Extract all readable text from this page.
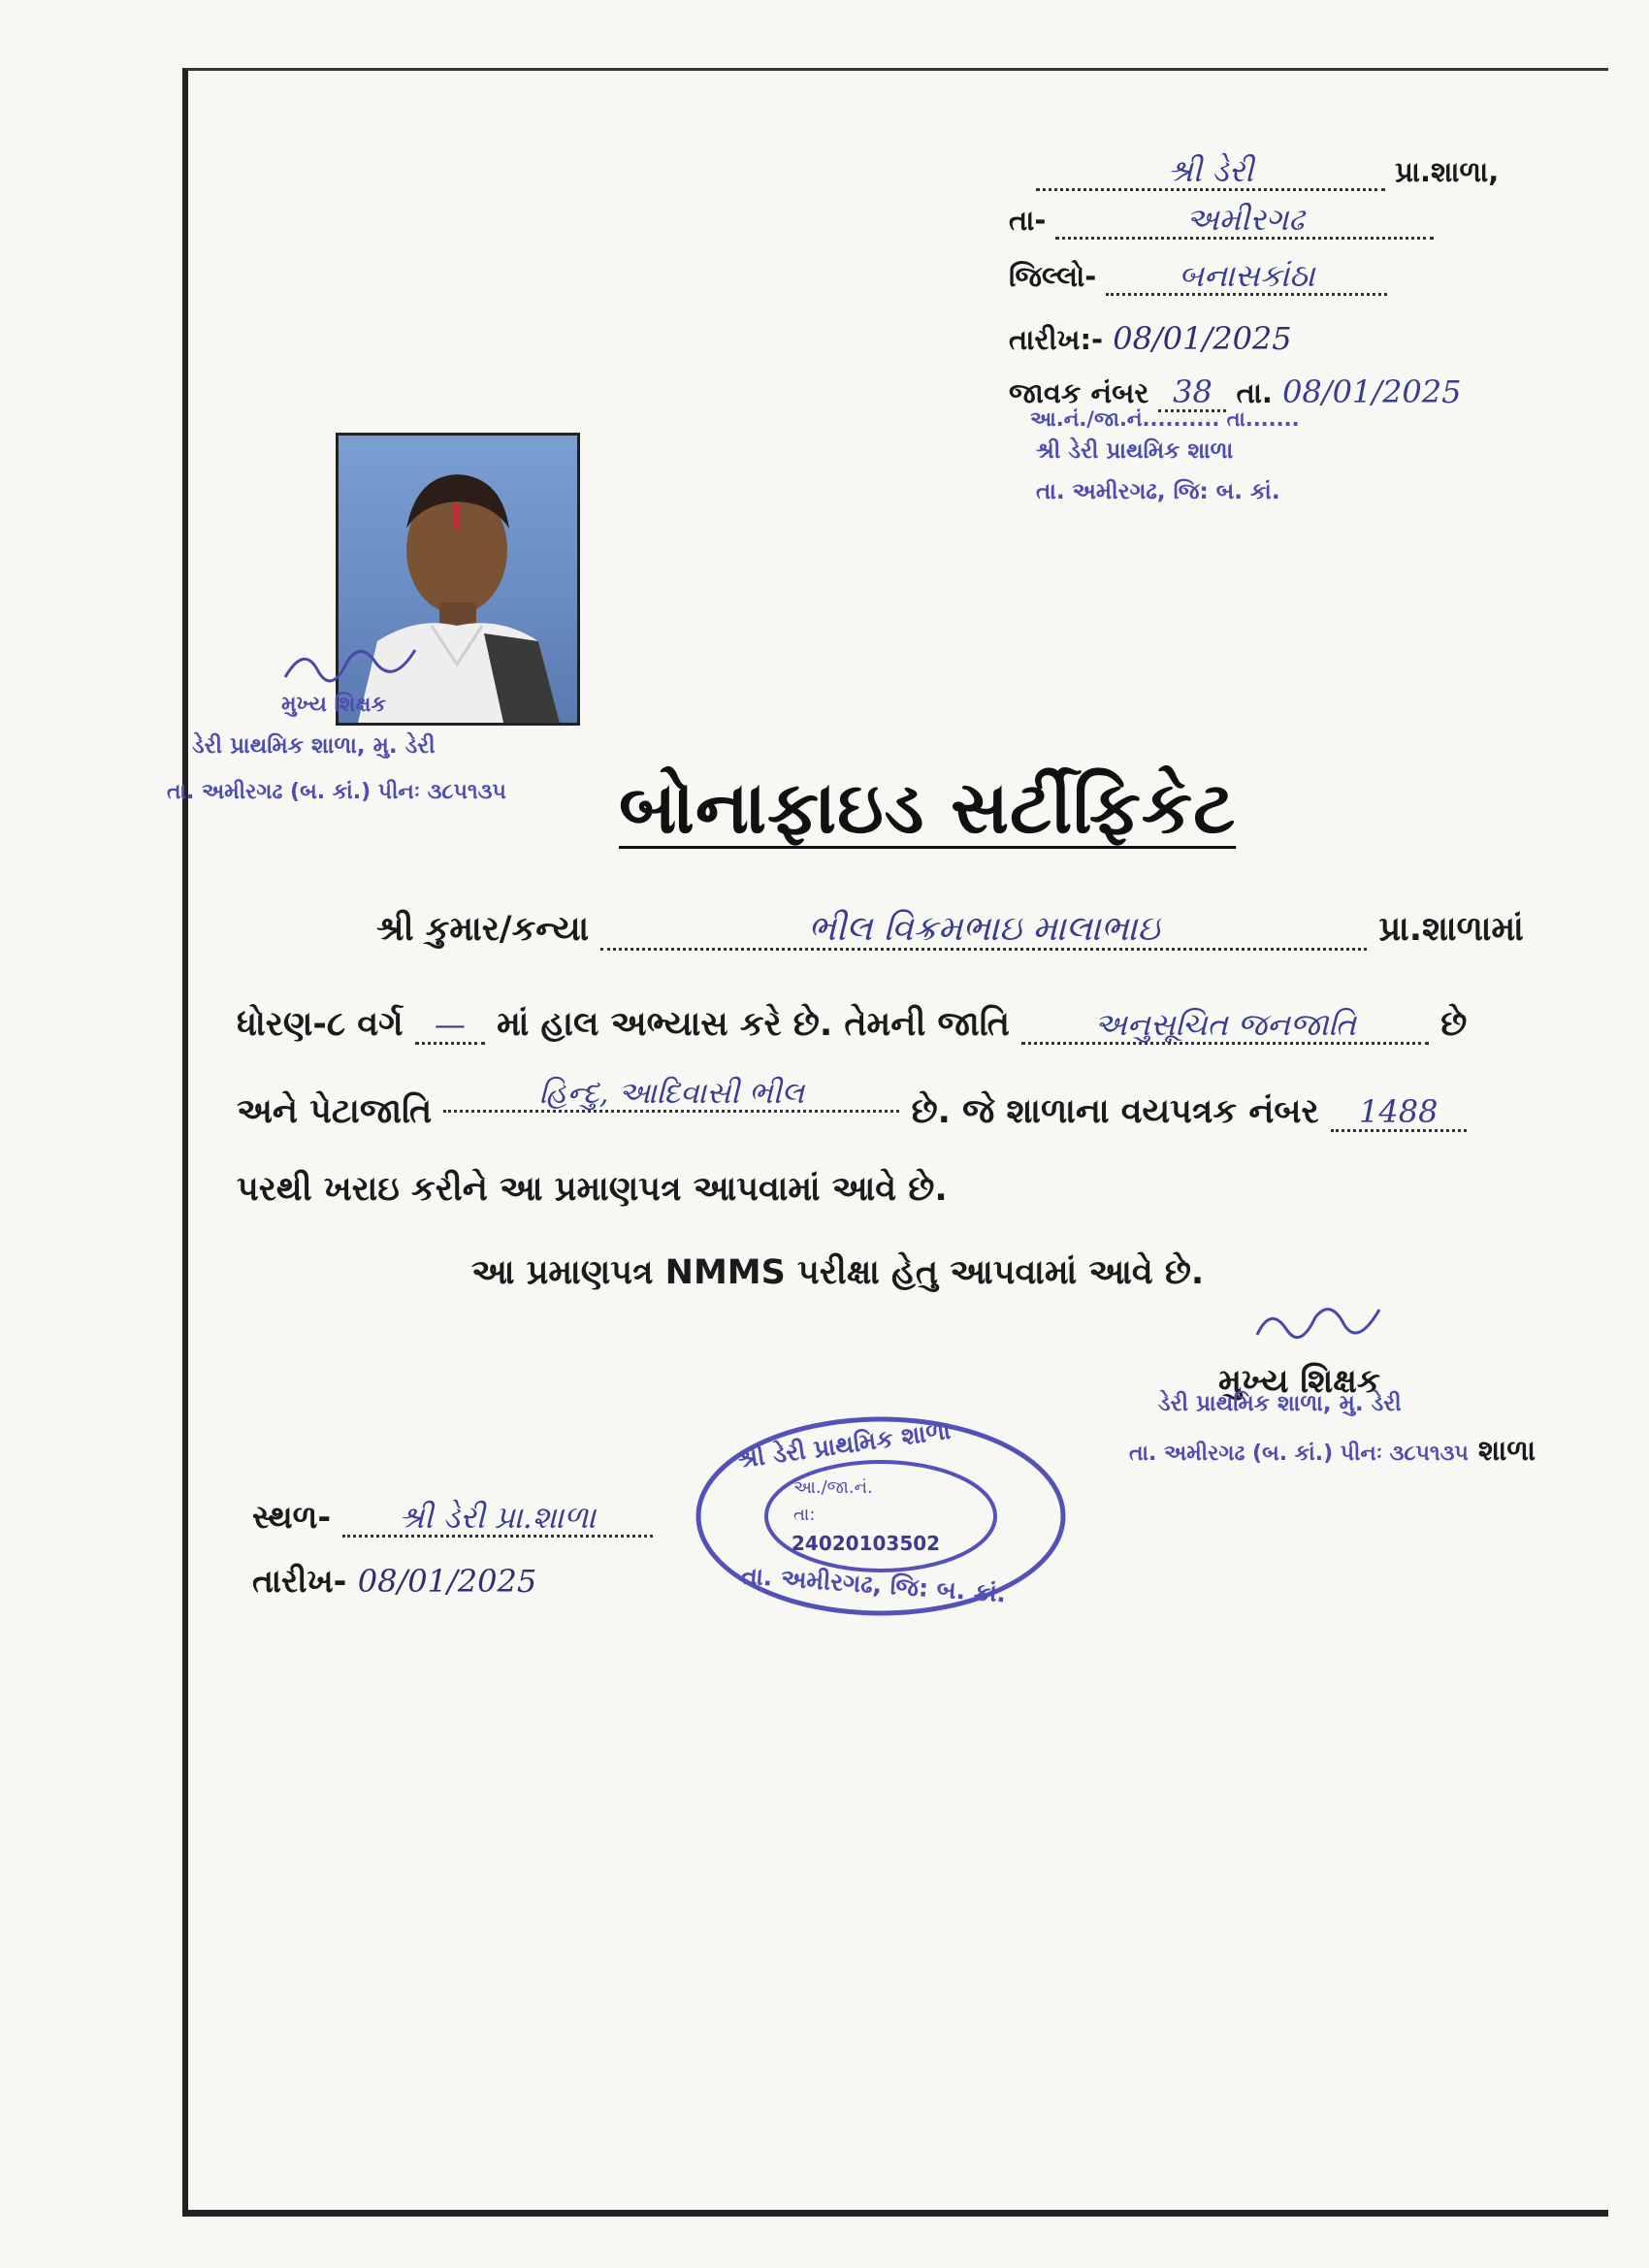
શ્રી ડેરી	પ્રા.શાળા,
તા-	અમીરગઢ
જિલ્લો-	બનાસકાંઠા
તારીખ:- 08/01/2025
જાવક નંબર 38 તા. 08/01/2025
આ.નં./જા.નં.......... તા.......
શ્રી ડેરી પ્રાથમિક શાળા
તા. અમીરગઢ, જિ: બ. કાં.
મુખ્ય શિક્ષક
ડેરી પ્રાથમિક શાળા, મુ. ડેરી
તા. અમીરગઢ (બ. કાં.) પીનઃ ૩૮૫૧૩૫ બોનાફાઇડ સર્ટીફિકેટ
શ્રી કુમાર/કન્યા	ભીલ વિક્રમભાઇ માલાભાઇ	પ્રા.શાળામાં
ધોરણ-૮ વર્ગ — માં હાલ અભ્યાસ કરે છે. તેમની જાતિ	અનુસૂચિત જનજાતિ છે
અને પેટાજાતિ	હિન્દુ, આદિવાસી ભીલ	છે. જે શાળાના વયપત્રક નંબર 1488
પરથી ખરાઇ કરીને આ પ્રમાણપત્ર આપવામાં આવે છે.
આ પ્રમાણપત્ર NMMS પરીક્ષા હેતુ આપવામાં આવે છે.
મુખ્ય શિક્ષક
ડેરી પ્રાથમિક શાળા, મુ. ડેરી
તા. અમીરગઢ (બ. કાં.) પીનઃ ૩૮૫૧૩૫ શાળા
શ્રી ડેરી પ્રાથમિક શાળા
આ./જા.નં.
તા:
24020103502
તા. અમીરગઢ, જિ: બ. કાં.
સ્થળ- શ્રી ડેરી પ્રા.શાળા
તારીખ- 08/01/2025
